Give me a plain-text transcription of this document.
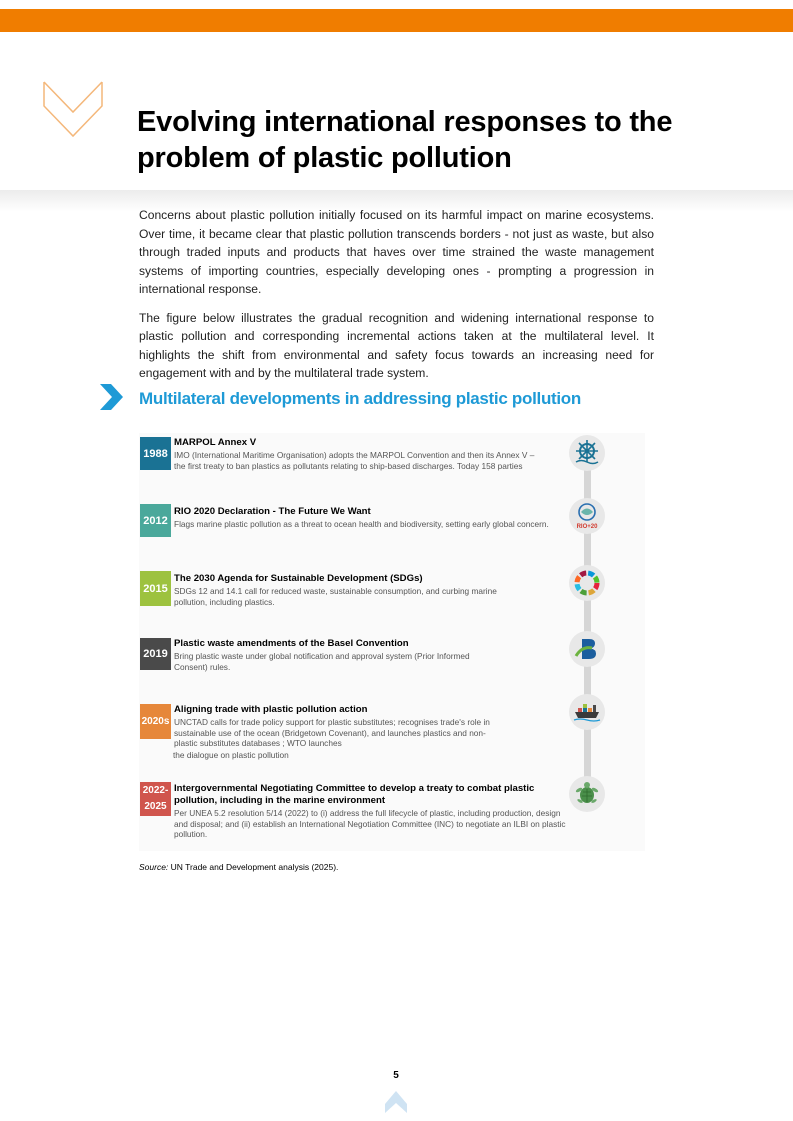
Evolving international responses to the problem of plastic pollution

Concerns about plastic pollution initially focused on its harmful impact on marine ecosystems. Over time, it became clear that plastic pollution transcends borders - not just as waste, but also through traded inputs and products that haves over time strained the waste management systems of importing countries, especially developing ones - prompting a progression in international response.

The figure below illustrates the gradual recognition and widening international response to plastic pollution and corresponding incremental actions taken at the multilateral level. It highlights the shift from environmental and safety focus towards an increasing need for engagement with and by the multilateral trade system.

Multilateral developments in addressing plastic pollution
1988
2012
2015
2019
2020s
2022-
2025
MARPOL Annex V
IMO (International Maritime Organisation) adopts the MARPOL Convention and then its Annex V – the first treaty to ban plastics as pollutants relating to ship-based discharges. Today 158 parties
RIO 2020 Declaration - The Future We Want
Flags marine plastic pollution as a threat to ocean health and biodiversity, setting early global concern.
The 2030 Agenda for Sustainable Development (SDGs)
SDGs 12 and 14.1 call for reduced waste, sustainable consumption, and curbing marine pollution, including plastics.
Plastic waste amendments of the Basel Convention
Bring plastic waste under global notification and approval system (Prior Informed Consent) rules.
Aligning trade with plastic pollution action
UNCTAD calls for trade policy support for plastic substitutes; recognises trade's role in sustainable use of the ocean (Bridgetown Covenant), and launches plastics and non-plastic substitutes databases ; WTO launches
the dialogue on plastic pollution
Intergovernmental Negotiating Committee to develop a treaty to combat plastic pollution, including in the marine environment
Per UNEA 5.2 resolution 5/14 (2022) to (i) address the full lifecycle of plastic, including production, design and disposal; and (ii) establish an International Negotiation Committee (INC) to negotiate an ILBI on plastic pollution.
RIO+20
Source: UN Trade and Development analysis (2025).
5
